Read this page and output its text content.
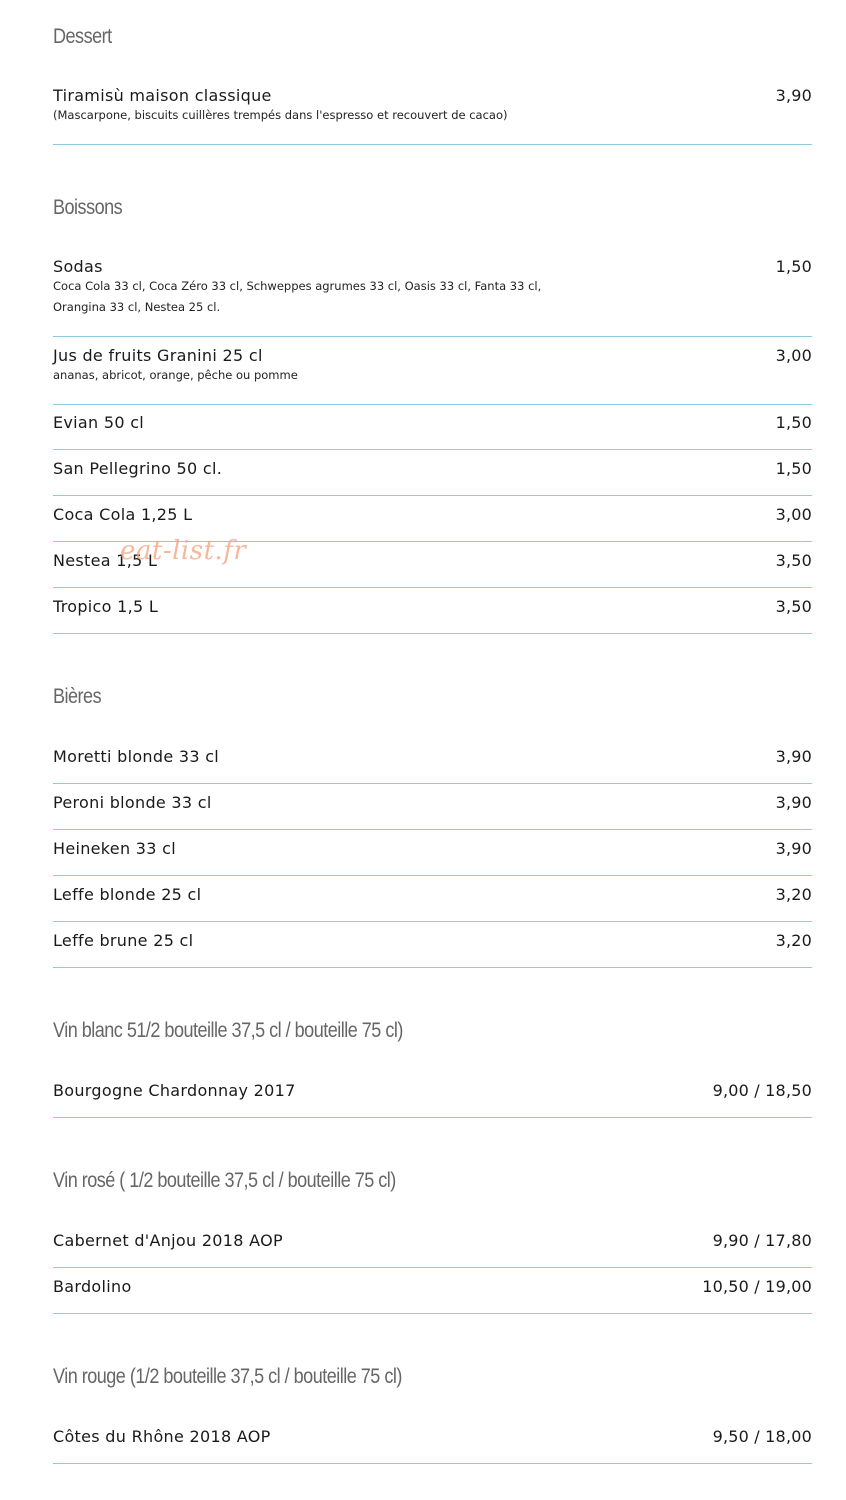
Dessert
Tiramisù maison classique	3,90
(Mascarpone, biscuits cuillères trempés dans l'espresso et recouvert de cacao)
Boissons
Sodas	1,50
Coca Cola 33 cl, Coca Zéro 33 cl, Schweppes agrumes 33 cl, Oasis 33 cl, Fanta 33 cl,
Orangina 33 cl, Nestea 25 cl.
Jus de fruits Granini 25 cl	3,00
ananas, abricot, orange, pêche ou pomme
Evian 50 cl	1,50
San Pellegrino 50 cl.	1,50
Coca Cola 1,25 L	3,00
Nestea 1,5 L	3,50
Tropico 1,5 L	3,50
Bières
Moretti blonde 33 cl	3,90
Peroni blonde 33 cl	3,90
Heineken 33 cl	3,90
Leffe blonde 25 cl	3,20
Leffe brune 25 cl	3,20
Vin blanc 51/2 bouteille 37,5 cl / bouteille 75 cl)
Bourgogne Chardonnay 2017	9,00 / 18,50
Vin rosé ( 1/2 bouteille 37,5 cl / bouteille 75 cl)
Cabernet d'Anjou 2018 AOP	9,90 / 17,80
Bardolino	10,50 / 19,00
Vin rouge (1/2 bouteille 37,5 cl / bouteille 75 cl)
Côtes du Rhône 2018 AOP	9,50 / 18,00
eat-list.fr
